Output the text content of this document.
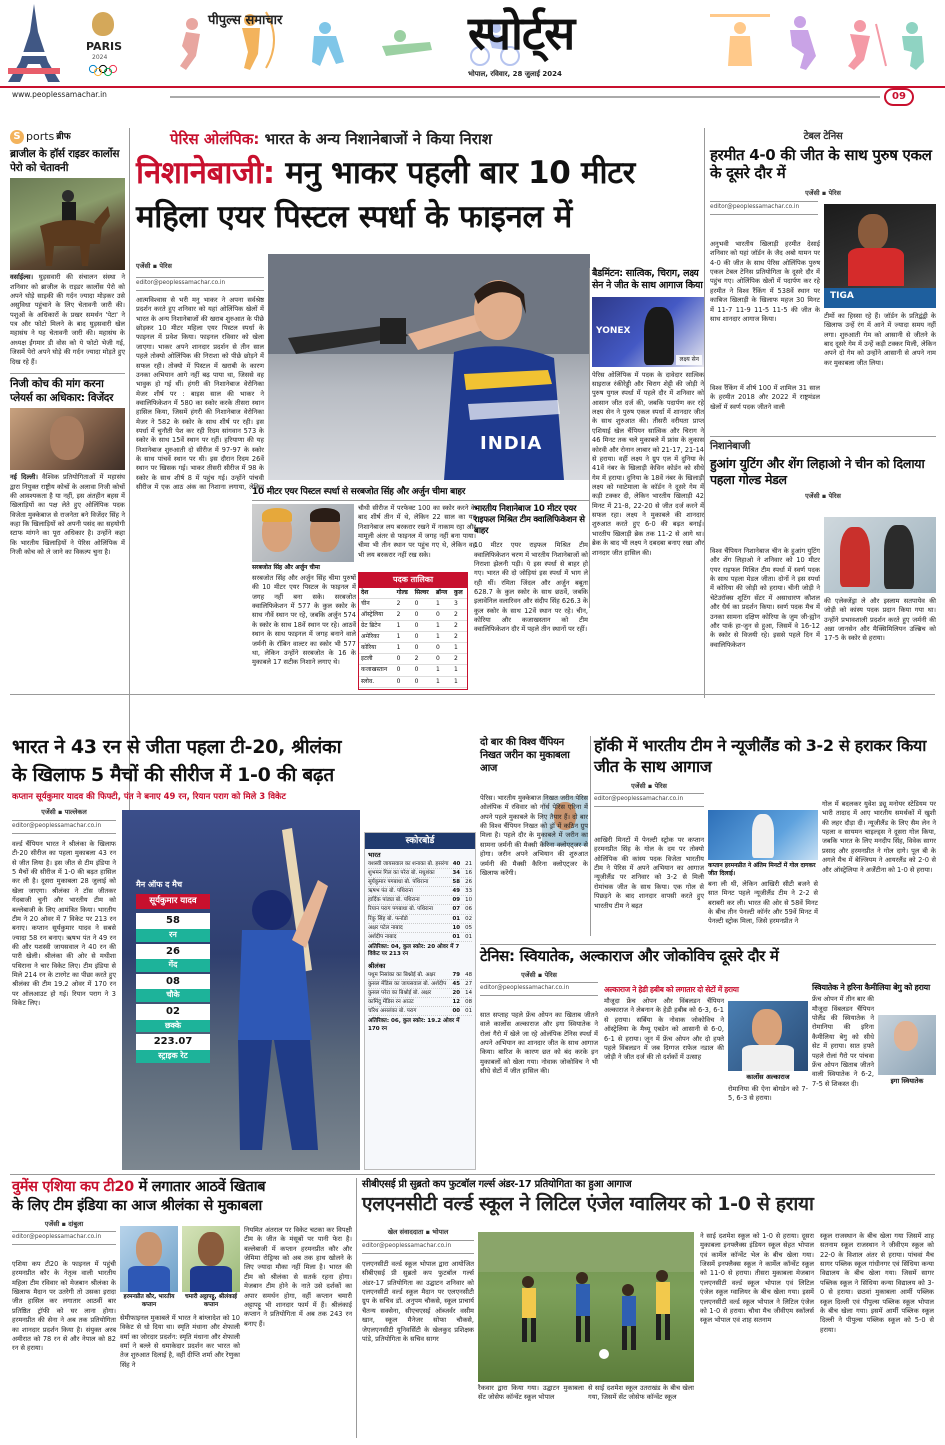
PARIS
2024
पीपुल्स समाचार	स्पोर्ट्स
भोपाल, रविवार, 28 जुलाई 2024
www.peoplessamachar.in	09
S ports ब्रीफ
ब्राजील के हॉर्स राइडर कार्लोस पेरो को चेतावनी
वर्साईल्स। घुड़सवारी की संचालन संस्था ने शनिवार को ब्राजील के राइडर कार्लोस पेरो को अपने घोड़े साइकी की गर्दन ज्यादा मोड़कर उसे असुविधा पहुंचाने के लिए चेतावनी जारी की। पशुओं के अधिकारों के प्रखर समर्थन 'पेटा' ने पत्र और फोटो मिलने के बाद घुड़सवारी खेल महासंघ ने यह चेतावनी जारी की। महासंघ के अध्यक्ष ईंगमार डी वोस को ये फोटो भेजी गई, जिसमें पेरो अपने घोड़े की गर्दन ज्यादा मोड़ते हुए दिख रहे हैं।
निजी कोच की मांग करना प्लेयर्स का अधिकार: विजेंदर
नई दिल्ली। वैश्विक प्रतियोगिताओं में महासंघ द्वारा नियुक्त राष्ट्रीय कोचों के अलावा निजी कोचों की आवश्यकता है या नहीं, इस अंतहीन बहस में खिलाड़ियों का पक्ष लेते हुए ओलिंपिक पदक विजेता मुक्केबाज से राजनेता बने विजेंदर सिंह ने कहा कि खिलाड़ियों को अपनी पसंद का सहयोगी स्टाफ मांगने का पूरा अधिकार है। उन्होंने कहा कि भारतीय खिलाड़ियों ने पेरिस ओलिंपिक में निजी कोच को ले जाने का विकल्प चुना है।
पेरिस ओलंपिक: भारत के अन्य निशानेबाजों ने किया निराश
निशानेबाजी: मनु भाकर पहली बार 10 मीटर
महिला एयर पिस्टल स्पर्धा के फाइनल में
एजेंसी ▪ पेरिस
editor@peoplessamachar.co.in
आत्मविश्वास से भरी मनु भाकर ने अपना सर्वश्रेष्ठ प्रदर्शन करते हुए शनिवार को यहां ओलिंपिक खेलों में भारत के अन्य निशानेबाजों की खराब शुरुआत के पीछे छोड़कर 10 मीटर महिला एयर पिस्टल स्पर्धा के फाइनल में प्रवेश किया। फाइनल रविवार को खेला जाएगा। भाकर अपने शानदार प्रदर्शन से तीन साल पहले तोक्यो ओलिंपिक की निराशा को पीछे छोड़ने में सफल रही। तोक्यो में पिस्टल में खराबी के कारण उनका अभियान आगे नहीं बढ़ पाया था, जिससे वह भावुक हो गई थीं। हंगरी की निशानेबाज वेरोनिका मेजर शीर्ष पर : बाइस साल की भाकर ने क्वालिफिकेशन में 580 का स्कोर करके तीसरा स्थान हासिल किया, जिसमें हंगरी की निशानेबाज वेरोनिका मेजर ने 582 के स्कोर के साथ शीर्ष पर रही। इस स्पर्धा में चुनौती पेश कर रही रिदम सांगवान 573 के स्कोर के साथ 15वें स्थान पर रहीं। हरियाणा की यह निशानेबाज शुरुआती दो सीरीज में 97-97 के स्कोर के साथ पांचवें स्थान पर थी। इस दौरान रिदम 26वें स्थान पर खिसक गई। भाकर तीसरी सीरीज में 98 के स्कोर के साथ शीर्ष 8 में पहुंच गई। उन्होंने पांचवी सीरीज में एक आठ अंक का निशाना लगाया, लेकिन
INDIA
बैडमिंटन: सात्विक, चिराग, लक्ष्य सेन ने जीत के साथ आगाज किया
YONEX
लक्ष्य सेन
पेरिस ओलिंपिक में पदक के दावेदार सात्विक साइराज रंकीरेड्डी और चिराग शेट्टी की जोड़ी ने पुरुष युगल स्पर्धा में पहले दौर में शनिवार को आसान जीत दर्ज की, जबकि पदार्पण कर रहे लक्ष्य सेन ने पुरुष एकल स्पर्धा में शानदार जीत के साथ शुरुआत की। तीसरी वरीयता प्राप्त एशियाई खेल चैंपियन सात्विक और चिराग ने 46 मिनट तक चले मुकाबले में फ्रांस के लुकास कोरवी और रोनान लाबार को 21-17, 21-14 से हराया। वहीं लक्ष्य ने ग्रुप एल में दुनिया के 41वें नंबर के खिलाड़ी केविन कोर्डन को सीधे गेम में हराया। दुनिया के 18वें नंबर के खिलाड़ी लक्ष्य को ग्वाटेमाला के कॉर्डन ने दूसरे गेम में कड़ी टक्कर दी, लेकिन भारतीय खिलाड़ी 42 मिनट में 21-8, 22-20 से जीत दर्ज करने में सफल रहा। लक्ष्य ने मुकाबले की शानदार शुरुआत करते हुए 6-0 की बढ़त बनाई। भारतीय खिलाड़ी ब्रेक तक 11-2 से आगे था। ब्रेक के बाद भी लक्ष्य ने दबदबा बनाए रखा और शानदार जीत हासिल की।
10 मीटर एयर पिस्टल स्पर्धा से सरबजोत सिंह और अर्जुन चीमा बाहर
सरबजोत सिंह और अर्जुन चीमा
चौथी सीरीज में परफेक्ट 100 का स्कोर करने के बाद शीर्ष तीन में थे, लेकिन 22 साल का यह निशानेबाज लय बरकरार रखने में नाकाम रहा और मामूली अंतर से फाइनल में जगह नहीं बना पाया। चीमा भी तीन स्थान पर पहुंच गए थे, लेकिन वह भी लय बरकरार नहीं रख सके।
सरबजोत सिंह और अर्जुन सिंह चीमा पुरुषों की 10 मीटर एयर पिस्टल के फाइनल में जगह नहीं बना सके। सरबजोत क्वालिफिकेशन में 577 के कुल स्कोर के साथ नौवें स्थान पर रहे, जबकि अर्जुन 574 के स्कोर के साथ 18वें स्थान पर रहे। आठवें स्थान के साथ फाइनल में जगह बनाने वाले जर्मनी के रॉबिन वाल्टर का स्कोर भी 577 था, लेकिन उन्होंने सरबजोत के 16 के मुकाबले 17 सटीक निशाने लगाए थे।
पदक तालिका
देश	गोल्ड	सिल्वर	ब्रॉन्ज	कुल
चीन	2	0	1	3
ऑस्ट्रेलिया	2	0	0	2
ग्रेट ब्रिटेन	1	0	1	2
अमेरिका	1	0	1	2
कोरिया	1	0	0	1
इटली	0	2	0	2
कजाखस्तान	0	0	1	1
स्लोव.	0	0	1	1
भारतीय निशानेबाज 10 मीटर एयर राइफल मिश्रित टीम क्वालिफिकेशन से बाहर
10 मीटर एयर राइफल मिश्रित टीम क्वालिफिकेशन चरण में भारतीय निशानेबाजों को निराशा झेलनी पड़ी। ये इस स्पर्धा से बाहर हो गए। भारत की दो जोड़ियां इस स्पर्धा में भाग ले रही थीं। रमिता जिंदल और अर्जुन बबूता 628.7 के कुल स्कोर के साथ छठवें, जबकि इलावेनिल वलारिवन और संदीप सिंह 626.3 के कुल स्कोर के साथ 12वें स्थान पर रहे। चीन, कोरिया और कजाखस्तान को टीम क्वालिफिकेशन दौर में पहले तीन स्थानों पर रहीं।
टेबल टेनिस
हरमीत 4-0 की जीत के साथ पुरुष एकल के दूसरे दौर में
एजेंसी ▪ पेरिस
editor@peoplessamachar.co.in
अनुभवी भारतीय खिलाड़ी हरमीत देसाई शनिवार को यहां जॉर्डन के जैद अबो यामन पर 4-0 की जीत के साथ पेरिस ओलिंपिक पुरुष एकल टेबल टेनिस प्रतियोगिता के दूसरे दौर में पहुंच गए। ओलिंपिक खेलों में पदार्पण कर रहे हरमीत ने विश्व रैंकिंग में 538वें स्थान पर काबिज खिलाड़ी के खिलाफ महज 30 मिनट में 11-7 11-9 11-5 11-5 की जीत के साथ शानदार आगाज किया।
TIGA
टीमों का हिस्सा रहे हैं। जॉर्डन के प्रतिद्वंद्वी के खिलाफ उन्हें रंग में आने में ज्यादा समय नहीं लगा। शुरुआती गेम को आसानी से जीतने के बाद दूसरे गेम में उन्हें कड़ी टक्कर मिली, लेकिन अपने दो गेम को उन्होंने आसानी से अपने नाम कर मुकाबला जीत लिया।
विश्व रैंकिंग में शीर्ष 100 में शामिल 31 साल के हरमीत 2018 और 2022 में राष्ट्रमंडल खेलों में स्वर्ण पदक जीतने वाली
निशानेबाजी
हुआंग युटिंग और शेंग लिहाओ ने चीन को दिलाया पहला गोल्ड मेडल
एजेंसी ▪ पेरिस
विश्व चैंपियन निशानेबाज चीन के हुआंग युटिंग और शेंग लिहाओ ने शनिवार को 10 मीटर एयर राइफल मिश्रित टीम स्पर्धा में स्वर्ण पदक के साथ पहला मेडल जीता। दोनों ने इस स्पर्धा में कोरिया की जोड़ी को हराया। चीनी जोड़ी ने चेटेउरॉक्स शूटिंग सेंटर में असाधारण कौशल और धैर्य का प्रदर्शन किया। स्वर्ण पदक मैच में उनका सामना दक्षिण कोरिया के जुम जी-ह्योन और पार्क हा-जुन से हुआ, जिसमें वे 16-12 के स्कोर से विजयी रहे। इससे पहले दिन में क्वालिफिकेशन
की एलेक्जेंड्रा ले और इस्लाम सतपायेव की जोड़ी को कांस्य पदक प्रदान किया गया था। उन्होंने प्रभावशाली प्रदर्शन करते हुए जर्मनी की अन्ना जानसेन और मैक्सिमिलियन उल्ब्रिच को 17-5 के स्कोर से हराया।
भारत ने 43 रन से जीता पहला टी-20, श्रीलंका
के खिलाफ 5 मैचों की सीरीज में 1-0 की बढ़त
कप्तान सूर्यकुमार यादव की फिफ्टी, पंत ने बनाए 49 रन, रियान पराग को मिले 3 विकेट
एजेंसी ▪ पाल्लेकल
editor@peoplessamachar.co.in
वर्ल्ड चैंपियन भारत ने श्रीलंका के खिलाफ टी-20 सीरीज का पहला मुकाबला 43 रन से जीत लिया है। इस जीत से टीम इंडिया ने 5 मैचों की सीरीज में 1-0 की बढ़त हासिल कर ली है। दूसरा मुकाबला 28 जुलाई को खेला जाएगा। श्रीलंका ने टॉस जीतकर गेंदबाजी चुनी और भारतीय टीम को बल्लेबाजी के लिए आमंत्रित किया। भारतीय टीम ने 20 ओवर में 7 विकेट पर 213 रन बनाए। कप्तान सूर्यकुमार यादव ने सबसे ज्यादा 58 रन बनाए। ऋषभ पंत ने 49 रन की और यशस्वी जायसवाल ने 40 रन की पारी खेली। श्रीलंका की ओर से मथीशा पथिराना ने चार विकेट लिए। टीम इंडिया से मिले 214 रन के टारगेट का पीछा करते हुए श्रीलंका की टीम 19.2 ओवर में 170 रन पर ऑलआउट हो गई। रियान पराग ने 3 विकेट लिए।
मैन ऑफ द मैच
सूर्यकुमार यादव
58
रन
26
गेंद
08
चौके
02
छक्के
223.07
स्ट्राइक रेट
स्कोरबोर्ड
भारत
यशस्वी जायसवाल का शनाका बो. हसरंगा 40 21
शुभमन गिल का परेरा बो. मधुशंका	34 16
सूर्यकुमार पगबाधा बो. पथिराना	58 26
ऋषभ पंत बो. पथिराना	49 33
हार्दिक पांड्या बो. पथिराना	09 10
रियान पराग पगबाधा बो. पथिराना	07 06
रिंकू सिंह बो. फर्नांडो	01 02
अक्षर पटेल नाबाद	10 05
अर्शदीप नाबाद	01 01
अतिरिक्त: 04, कुल स्कोर: 20 ओवर में 7 विकेट पर 213 रन
श्रीलंका
पथुम निसांका का बिश्नोई बो. अक्षर	79 48
कुसल मेंडिस का जायसवाल बो. अर्शदीप	45 27
कुसल परेरा का बिश्नोई बो. अक्षर	20 14
कामिंदु मेंडिस रन आउट	12 08
चरिथ असलंका बो. पराग	00 01
अतिरिक्त: 06, कुल स्कोर: 19.2 ओवर में 170 रन
दो बार की विश्व चैंपियन निखत जरीन का मुकाबला आज
पेरिस। भारतीय मुक्केबाज निखत जरीन पेरिस ओलंपिक में रविवार को नॉर्थ पेरिस एरिना में अपने पहले मुकाबले के लिए तैयार हैं। दो बार की विश्व चैंपियन निखत को ड्रॉ में कठिन ग्रुप मिला है। पहले दौर के मुकाबले में जरीन का सामना जर्मनी की मैक्सी कैरिना क्लोएट्जर से होगा। जरीन अपने अभियान की शुरुआत जर्मनी की मैक्सी कैरिना क्लोएट्जर के खिलाफ करेंगी।
हॉकी में भारतीय टीम ने न्यूजीलैंड को 3-2 से हराकर किया जीत के साथ आगाज
एजेंसी ▪ पेरिस
editor@peoplessamachar.co.in
आखिरी मिनटों में पेनल्टी स्ट्रोक पर कप्तान हरमनप्रीत सिंह के गोल के दम पर तोक्यो ओलिंपिक की कांस्य पदक विजेता भारतीय टीम ने पेरिस में अपने अभियान का आगाज न्यूजीलैंड पर शनिवार को 3-2 से मिली रोमांचक जीत के साथ किया। एक गोल से पिछड़ने के बाद शानदार वापसी करते हुए भारतीय टीम ने बढ़त
कप्तान हरमनप्रीत ने अंतिम मिनटों में गोल दागकर जीत दिलाई।
बना ली थी, लेकिन आखिरी सीटी बजने से सात मिनट पहले न्यूजीलैंड टीम ने 2-2 से बराबरी कर ली। भारत की ओर से 58वें मिनट के बीच तीन पेनल्टी कॉर्नर और 59वें मिनट में पेनल्टी स्ट्रोक मिला, जिसे हरमनप्रीत ने
गोल में बदलकर युवेश ड्यू मनोयर स्टेडियम पर भारी तादाद में आए भारतीय समर्थकों में खुशी की लहर दौड़ा दी। न्यूजीलैंड के लिए सैम लेन ने पहला व सायमन चाइल्ड्स ने दूसरा गोल किया, जबकि भारत के लिए मनदीप सिंह, विवेक सागर प्रसाद और हरमनप्रीत ने गोल दागे। पूल बी के अगले मैच में बेल्जियम ने आयरलैंड को 2-0 से और ऑस्ट्रेलिया ने अर्जेंटीना को 1-0 से हराया।
टेनिस: स्वियातेक, अल्काराज और जोकोविच दूसरे दौर में
एजेंसी ▪ पेरिस
editor@peoplessamachar.co.in
सात सप्ताह पहले फ्रेंच ओपन का खिताब जीतने वाले कार्लोस अल्काराज और इगा स्वियातेक ने रोलां गैरो में खेले जा रहे ओलंपिक टेनिस स्पर्धा में अपने अभियान का शानदार जीत के साथ आगाज किया। बारिश के कारण छत को बंद करके इन मुकाबलों को खेला गया। नोवाक जोकोविच ने भी सीधे सेटों में जीत हासिल की।
अल्काराज ने हेडी हबीब को लगातार दो सेटों में हराया
मौजूदा फ्रेंच ओपन और विंबलडन चैंपियन अल्काराज ने लेबनान के हेडी हबीब को 6-3, 6-1 से हराया। सर्बिया के नोवाक जोकोविच ने ऑस्ट्रेलिया के मैथ्यू एबडेन को आसानी से 6-0, 6-1 से हराया। जून में फ्रेंच ओपन और दो हफ्ते पहले विंबलडन में जब दिग्गज राफेल नडाल की जोड़ी ने जीत दर्ज की तो दर्शकों में उत्साह
कार्लोस अल्काराज
रोमानिया की ऐना बोगडेन को 7-5, 6-3 से हराया।
स्वियातेक ने हरिना कैमीलिया बेगु को हराया
फ्रेंच ओपन में तीन बार की मौजूदा विंबलडन चैंपियन पोलैंड की स्वियातेक ने रोमानिया की इरिना कैमीलिया बेगु को सीधे सेट में हराया। सात हफ्ते पहले रोलां गैरो पर पांचवा फ्रेंच ओपन खिताब जीतने वाली स्वियातेक ने 6-2, 7-5 से शिकस्त दी।	इगा स्वियातेक
वुमेंस एशिया कप टी20 में लगातार आठवें खिताब
के लिए टीम इंडिया का आज श्रीलंका से मुकाबला
एजेंसी ▪ दांबुला
editor@peoplessamachar.co.in
एशिया कप टी20 के फाइनल में पहुंची हरमनप्रीत कौर के नेतृत्व वाली भारतीय महिला टीम रविवार को मेजबान श्रीलंका के खिलाफ मैदान पर उतरेगी तो उसका इरादा जीत हासिल कर लगातार आठवीं बार प्रतिष्ठित ट्रॉफी को घर लाना होगा। हरमनप्रीत की सेना ने अब तक प्रतियोगिता का शानदार प्रदर्शन किया है। संयुक्त अरब अमीरात को 78 रन से और नेपाल को 82 रन से हराया।
हरमनप्रीत कौर, भारतीय कप्तान
चमारी अट्टापट्टू, श्रीलंकाई कप्तान
सेमीफाइनल मुकाबले में भारत ने बांग्लादेश को 10 विकेट से धो दिया था। स्मृति मंधाना और शेफाली वर्मा का जोरदार प्रदर्शन: स्मृति मंधाना और शेफाली वर्मा ने बल्ले से धमाकेदार प्रदर्शन कर भारत को तेज शुरुआत दिलाई है, वहीं दीप्ति शर्मा और रेणुका सिंह ने
नियमित अंतराल पर विकेट चटका कर विपक्षी टीम के जीत के मंसूबों पर पानी फेरा है। बल्लेबाजी में कप्तान हरमनप्रीत कौर और जेमिमा रोड्रिग्स को अब तक हाथ खोलने के लिए ज्यादा मौका नहीं मिला है। भारत की टीम को श्रीलंका से सतर्क रहना होगा। मेजबान टीम होने के नाते उसे दर्शकों का अपार समर्थन होगा, वहीं कप्तान चमारी अट्टापट्टू भी शानदार फार्म में हैं। श्रीलंकाई कप्तान ने प्रतियोगिता में अब तक 243 रन बनाए हैं।
सीबीएसई प्री सुब्रतो कप फुटबॉल गर्ल्स अंडर-17 प्रतियोगिता का हुआ आगाज
एलएनसीटी वर्ल्ड स्कूल ने लिटिल एंजेल ग्वालियर को 1-0 से हराया
खेल संवाददाता ▪ भोपाल
editor@peoplessamachar.co.in
एलएनसीटी वर्ल्ड स्कूल भोपाल द्वारा आयोजित सीबीएसई प्री सुब्रतो कप फुटबॉल गर्ल्स अंडर-17 प्रतियोगिता का उद्घाटन शनिवार को एलएनसीटी वर्ल्ड स्कूल मैदान पर एलएनसीटी ग्रुप के सचिव डॉ. अनुपम चौकसे, स्कूल प्राचार्य चैतन्य सक्सेना, सीएचएसई ऑब्जर्वर वसीम खान, स्कूल मैनेजर सोफा चौकसे, जेएलएनसीटी यूनिवर्सिटी के खेलकुद प्रशिक्षक पांडे, प्रतियोगिता के सचिव सागर
रैकवार द्वारा किया गया। उद्घाटन मुकाबला सेंट जोसेफ कॉन्वेंट स्कूल भोपाल
से साई दशमेश स्कूल उतराखंड के बीच खेला गया, जिसमें सेंट जोसेफ कॉन्वेंट स्कूल
ने साई दशमेश स्कूल को 1-0 से हराया। दूसरा मुकाबला इनफ्लैक्स इंडियन स्कूल सेहत भोपाल एवं कार्मेल कॉन्वेंट भेल के बीच खेला गया। जिसमें इनफ्लैक्स स्कूल ने कार्मेल कॉन्वेंट स्कूल को 11-0 से हराया। तीसरा मुकाबला मेजबान एलएनसीटी वर्ल्ड स्कूल भोपाल एवं लिटिल एंजेल स्कूल ग्वालियर के बीच खेला गया। इसमें एलएनसीटी वर्ल्ड स्कूल भोपाल ने लिटिल एंजेल को 1-0 से हराया। चौथा मैच जीवीएम स्कॉलर्स स्कूल भोपाल एवं शाह सतनाम
स्कूल राजस्थान के बीच खेला गया जिसमें शाह सतनाम स्कूल राजस्थान ने जीवीएम स्कूल को 22-0 के विशाल अंतर से हराया। पांचवां मैच सागर पब्लिक स्कूल गांधीनगर एवं सिंधिया कन्या विद्यालय के बीच खेला गया। जिसमें सागर पब्लिक स्कूल ने सिंधिया कन्या विद्यालय को 3-0 से हराया। छठवां मुकाबला आर्मी पब्लिक स्कूल दिल्ली एवं पीपुल्स पब्लिक स्कूल भोपाल के बीच खेला गया। इसमें आर्मी पब्लिक स्कूल दिल्ली ने पीपुल्स पब्लिक स्कूल को 5-0 से हराया।
